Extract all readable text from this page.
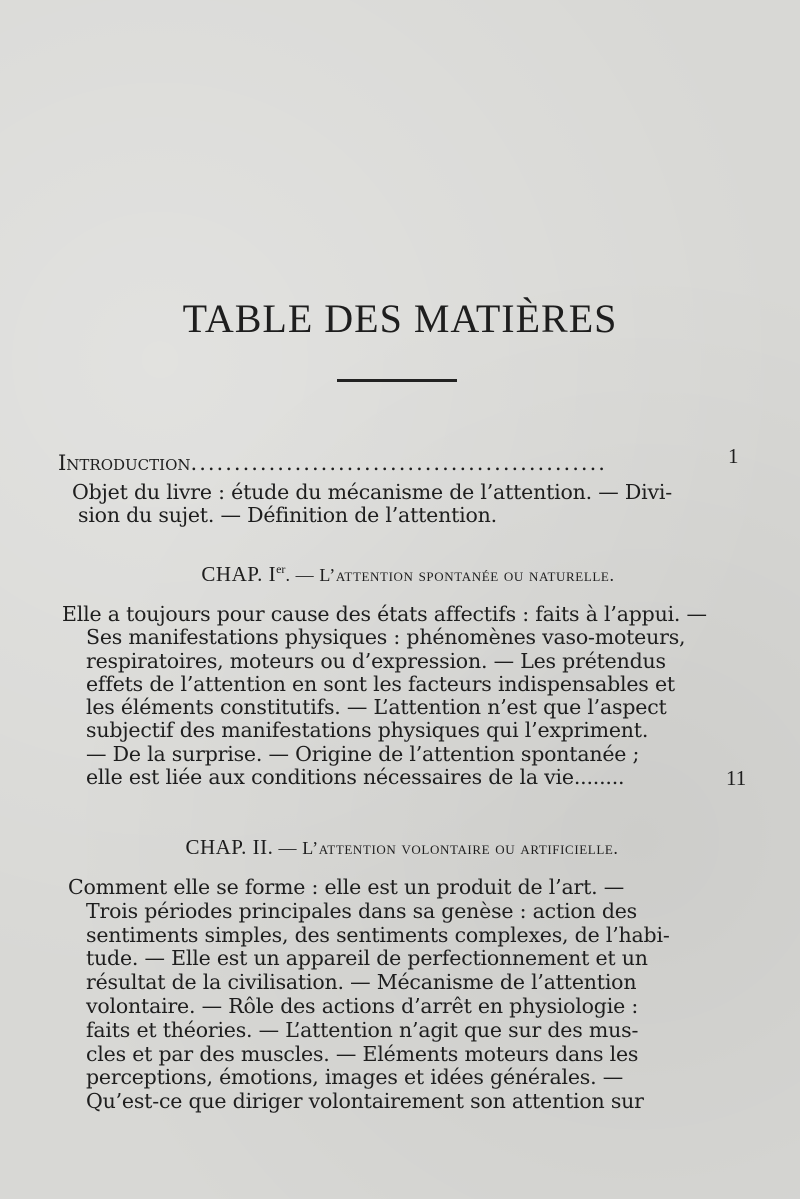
TABLE DES MATIÈRES
Introduction................................................	1
Objet du livre : étude du mécanisme de l’attention. — Divi-
sion du sujet. — Définition de l’attention.
CHAP. Ier. — L’attention spontanée ou naturelle.
Elle a toujours pour cause des états affectifs : faits à l’appui. —
Ses manifestations physiques : phénomènes vaso-moteurs,
respiratoires, moteurs ou d’expression. — Les prétendus
effets de l’attention en sont les facteurs indispensables et
les éléments constitutifs. — L’attention n’est que l’aspect
subjectif des manifestations physiques qui l’expriment.
— De la surprise. — Origine de l’attention spontanée ;
elle est liée aux conditions nécessaires de la vie........	11
CHAP. II. — L’attention volontaire ou artificielle.
Comment elle se forme : elle est un produit de l’art. —
Trois périodes principales dans sa genèse : action des
sentiments simples, des sentiments complexes, de l’habi-
tude. — Elle est un appareil de perfectionnement et un
résultat de la civilisation. — Mécanisme de l’attention
volontaire. — Rôle des actions d’arrêt en physiologie :
faits et théories. — L’attention n’agit que sur des mus-
cles et par des muscles. — Eléments moteurs dans les
perceptions, émotions, images et idées générales. —
Qu’est-ce que diriger volontairement son attention sur
